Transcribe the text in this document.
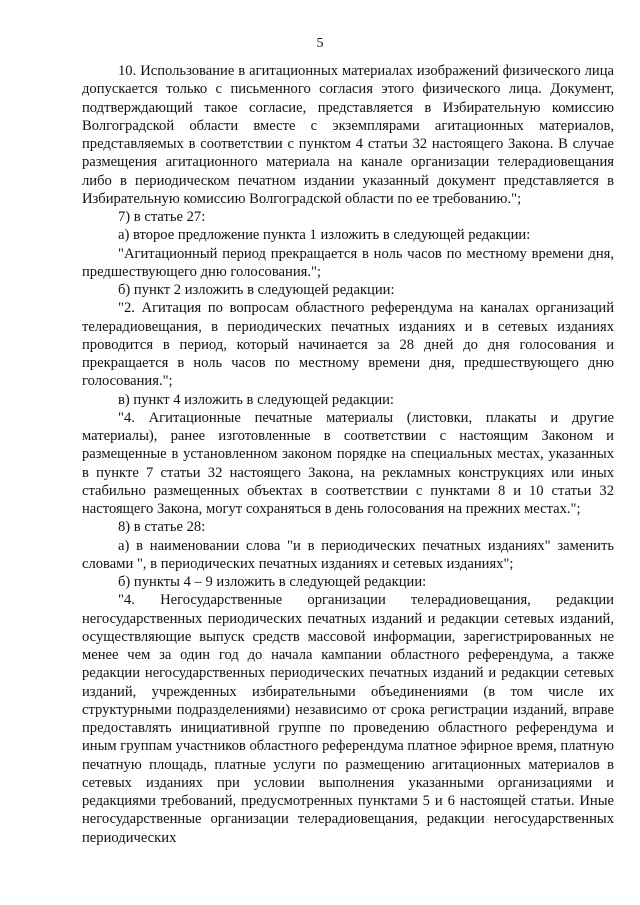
5

10. Использование в агитационных материалах изображений физического лица допускается только с письменного согласия этого физического лица. Документ, подтверждающий такое согласие, представляется в Избирательную комиссию Волгоградской области вместе с экземплярами агитационных материалов, представляемых в соответствии с пунктом 4 статьи 32 настоящего Закона. В случае размещения агитационного материала на канале организации телерадиовещания либо в периодическом печатном издании указанный документ представляется в Избирательную комиссию Волгоградской области по ее требованию.";

7) в статье 27:

а) второе предложение пункта 1 изложить в следующей редакции:

"Агитационный период прекращается в ноль часов по местному времени дня, предшествующего дню голосования.";

б) пункт 2 изложить в следующей редакции:

"2. Агитация по вопросам областного референдума на каналах организаций телерадиовещания, в периодических печатных изданиях и в сетевых изданиях проводится в период, который начинается за 28 дней до дня голосования и прекращается в ноль часов по местному времени дня, предшествующего дню голосования.";

в) пункт 4 изложить в следующей редакции:

"4. Агитационные печатные материалы (листовки, плакаты и другие материалы), ранее изготовленные в соответствии с настоящим Законом и размещенные в установленном законом порядке на специальных местах, указанных в пункте 7 статьи 32 настоящего Закона, на рекламных конструкциях или иных стабильно размещенных объектах в соответствии с пунктами 8 и 10 статьи 32 настоящего Закона, могут сохраняться в день голосования на прежних местах.";

8) в статье 28:

а) в наименовании слова "и в периодических печатных изданиях" заменить словами ", в периодических печатных изданиях и сетевых изданиях";

б) пункты 4 – 9 изложить в следующей редакции:

"4. Негосударственные организации телерадиовещания, редакции негосударственных периодических печатных изданий и редакции сетевых изданий, осуществляющие выпуск средств массовой информации, зарегистрированных не менее чем за один год до начала кампании областного референдума, а также редакции негосударственных периодических печатных изданий и редакции сетевых изданий, учрежденных избирательными объединениями (в том числе их структурными подразделениями) независимо от срока регистрации изданий, вправе предоставлять инициативной группе по проведению областного референдума и иным группам участников областного референдума платное эфирное время, платную печатную площадь, платные услуги по размещению агитационных материалов в сетевых изданиях при условии выполнения указанными организациями и редакциями требований, предусмотренных пунктами 5 и 6 настоящей статьи. Иные негосударственные организации телерадиовещания, редакции негосударственных периодических
